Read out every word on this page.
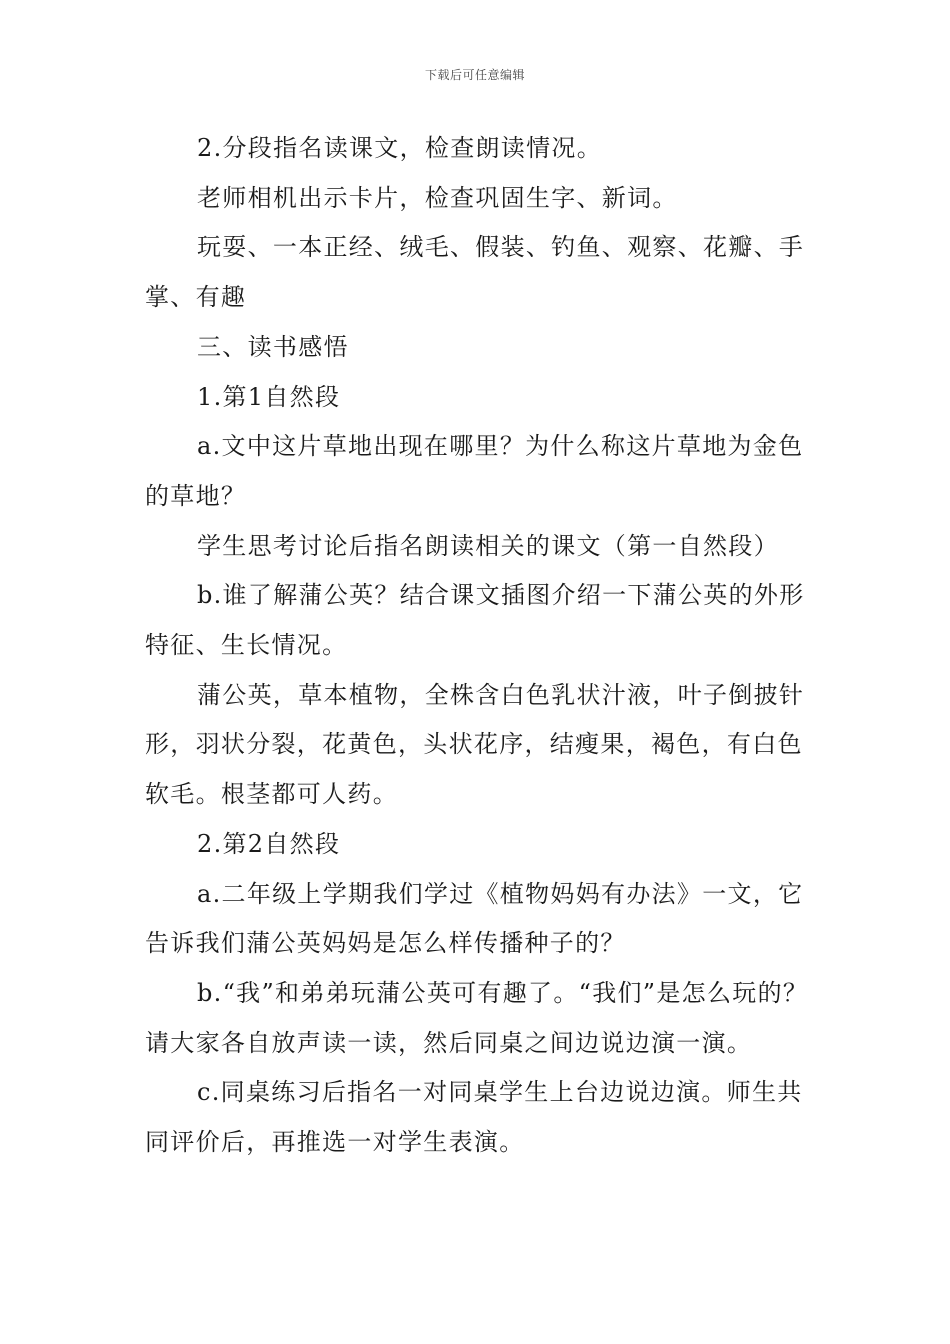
下载后可任意编辑

2.分段指名读课文，检查朗读情况。

老师相机出示卡片，检查巩固生字、新词。

玩耍、一本正经、绒毛、假装、钓鱼、观察、花瓣、手掌、有趣

三、读书感悟

1.第1自然段

a.文中这片草地出现在哪里？为什么称这片草地为金色的草地？

学生思考讨论后指名朗读相关的课文（第一自然段）

b.谁了解蒲公英？结合课文插图介绍一下蒲公英的外形特征、生长情况。

蒲公英，草本植物，全株含白色乳状汁液，叶子倒披针形，羽状分裂，花黄色，头状花序，结瘦果，褐色，有白色软毛。根茎都可人药。

2.第2自然段

a.二年级上学期我们学过《植物妈妈有办法》一文，它告诉我们蒲公英妈妈是怎么样传播种子的？

b.“我”和弟弟玩蒲公英可有趣了。“我们”是怎么玩的？请大家各自放声读一读，然后同桌之间边说边演一演。

c.同桌练习后指名一对同桌学生上台边说边演。师生共同评价后，再推选一对学生表演。
